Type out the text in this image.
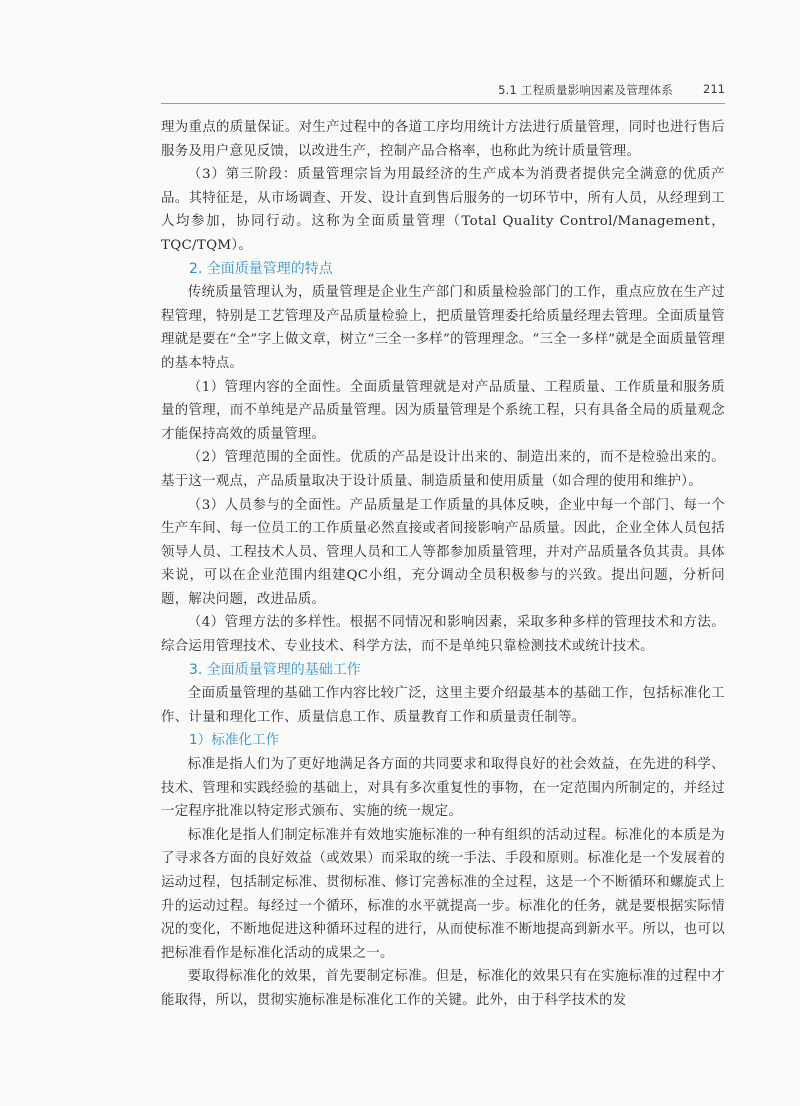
5.1 工程质量影响因素及管理体系	211

理为重点的质量保证。对生产过程中的各道工序均用统计方法进行质量管理，同时也进行售后服务及用户意见反馈，以改进生产，控制产品合格率，也称此为统计质量管理。

（3）第三阶段：质量管理宗旨为用最经济的生产成本为消费者提供完全满意的优质产品。其特征是，从市场调查、开发、设计直到售后服务的一切环节中，所有人员，从经理到工人均参加，协同行动。这称为全面质量管理（Total Quality Control/Management，TQC/TQM）。

2. 全面质量管理的特点

传统质量管理认为，质量管理是企业生产部门和质量检验部门的工作，重点应放在生产过程管理，特别是工艺管理及产品质量检验上，把质量管理委托给质量经理去管理。全面质量管理就是要在“全”字上做文章，树立“三全一多样”的管理理念。“三全一多样”就是全面质量管理的基本特点。

（1）管理内容的全面性。全面质量管理就是对产品质量、工程质量、工作质量和服务质量的管理，而不单纯是产品质量管理。因为质量管理是个系统工程，只有具备全局的质量观念才能保持高效的质量管理。

（2）管理范围的全面性。优质的产品是设计出来的、制造出来的，而不是检验出来的。基于这一观点，产品质量取决于设计质量、制造质量和使用质量（如合理的使用和维护）。

（3）人员参与的全面性。产品质量是工作质量的具体反映，企业中每一个部门、每一个生产车间、每一位员工的工作质量必然直接或者间接影响产品质量。因此，企业全体人员包括领导人员、工程技术人员、管理人员和工人等都参加质量管理，并对产品质量各负其责。具体来说，可以在企业范围内组建QC小组，充分调动全员积极参与的兴致。提出问题，分析问题，解决问题，改进品质。

（4）管理方法的多样性。根据不同情况和影响因素，采取多种多样的管理技术和方法。综合运用管理技术、专业技术、科学方法，而不是单纯只靠检测技术或统计技术。

3. 全面质量管理的基础工作

全面质量管理的基础工作内容比较广泛，这里主要介绍最基本的基础工作，包括标准化工作、计量和理化工作、质量信息工作、质量教育工作和质量责任制等。

1）标准化工作

标准是指人们为了更好地满足各方面的共同要求和取得良好的社会效益，在先进的科学、技术、管理和实践经验的基础上，对具有多次重复性的事物，在一定范围内所制定的，并经过一定程序批准以特定形式颁布、实施的统一规定。

标准化是指人们制定标准并有效地实施标准的一种有组织的活动过程。标准化的本质是为了寻求各方面的良好效益（或效果）而采取的统一手法、手段和原则。标准化是一个发展着的运动过程，包括制定标准、贯彻标准、修订完善标准的全过程，这是一个不断循环和螺旋式上升的运动过程。每经过一个循环，标准的水平就提高一步。标准化的任务，就是要根据实际情况的变化，不断地促进这种循环过程的进行，从而使标准不断地提高到新水平。所以，也可以把标准看作是标准化活动的成果之一。

要取得标准化的效果，首先要制定标准。但是，标准化的效果只有在实施标准的过程中才能取得，所以，贯彻实施标准是标准化工作的关键。此外，由于科学技术的发
